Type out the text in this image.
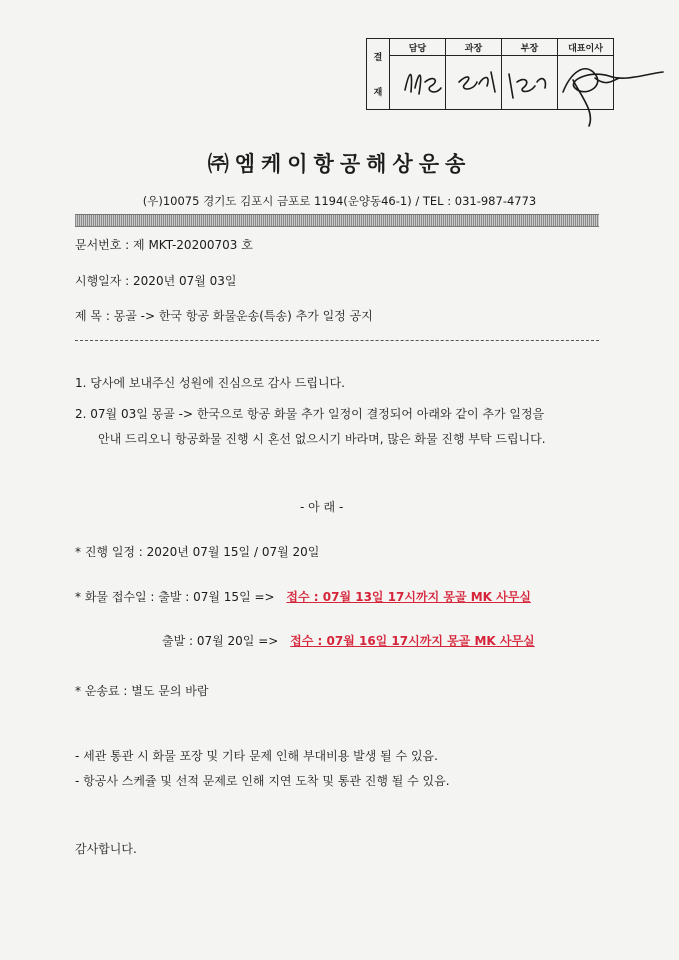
결
재
담당	과장	부장	대표이사
㈜엠케이항공해상운송
(우)10075 경기도 김포시 금포로 1194(운양동46-1) / TEL : 031-987-4773
문서번호 : 제 MKT-20200703 호
시행일자 : 2020년 07월 03일
제 목 : 몽골 -> 한국 항공 화물운송(특송) 추가 일정 공지
1. 당사에 보내주신 성원에 진심으로 감사 드립니다.
2. 07월 03일 몽골 -> 한국으로 항공 화물 추가 일정이 결정되어 아래와 같이 추가 일정을
안내 드리오니 항공화물 진행 시 혼선 없으시기 바라며, 많은 화물 진행 부탁 드립니다.
- 아 래 -
* 진행 일정 : 2020년 07월 15일 / 07월 20일
* 화물 접수일 : 출발 : 07월 15일 => 접수 : 07월 13일 17시까지 몽골 MK 사무실
출발 : 07월 20일 => 접수 : 07월 16일 17시까지 몽골 MK 사무실
* 운송료 : 별도 문의 바람
- 세관 통관 시 화물 포장 및 기타 문제 인해 부대비용 발생 될 수 있음.
- 항공사 스케쥴 및 선적 문제로 인해 지연 도착 및 통관 진행 될 수 있음.
감사합니다.
